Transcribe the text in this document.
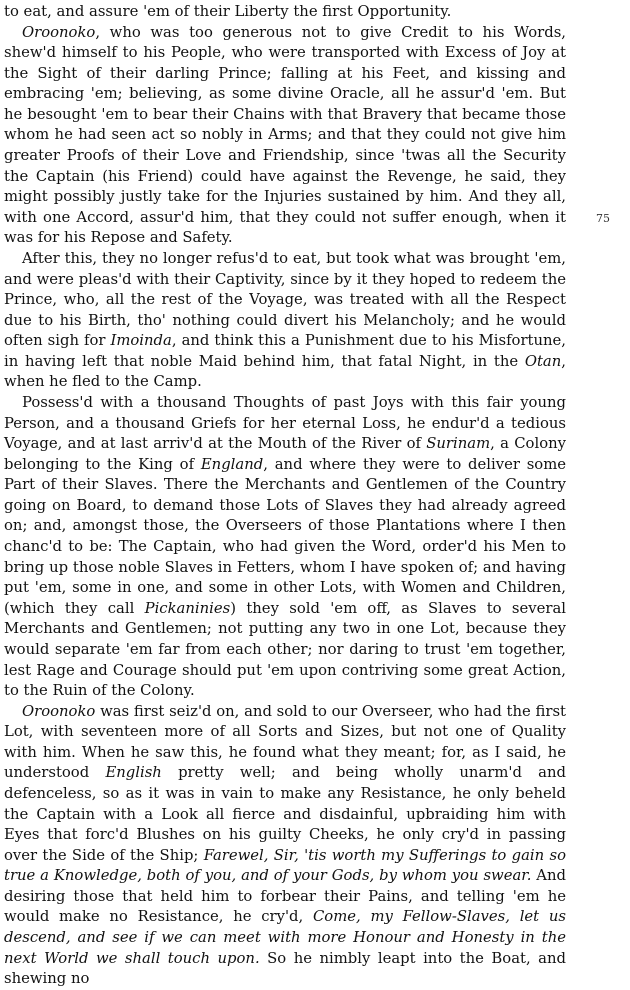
to eat, and assure 'em of their Liberty the first Opportunity.

Oroonoko, who was too generous not to give Credit to his Words, shew'd himself to his People, who were transported with Excess of Joy at the Sight of their darling Prince; falling at his Feet, and kissing and embracing 'em; believing, as some divine Oracle, all he assur'd 'em. But he besought 'em to bear their Chains with that Bravery that became those whom he had seen act so nobly in Arms; and that they could not give him greater Proofs of their Love and Friendship, since 'twas all the Security the Captain (his Friend) could have against the Revenge, he said, they might possibly justly take for the Injuries sustained by him. And they all, with one Accord, assur'd him, that they could not suffer enough, when it was for his Repose and Safety.

After this, they no longer refus'd to eat, but took what was brought 'em, and were pleas'd with their Captivity, since by it they hoped to redeem the Prince, who, all the rest of the Voyage, was treated with all the Respect due to his Birth, tho' nothing could divert his Melancholy; and he would often sigh for Imoinda, and think this a Punishment due to his Misfortune, in having left that noble Maid behind him, that fatal Night, in the Otan, when he fled to the Camp.

Possess'd with a thousand Thoughts of past Joys with this fair young Person, and a thousand Griefs for her eternal Loss, he endur'd a tedious Voyage, and at last arriv'd at the Mouth of the River of Surinam, a Colony belonging to the King of England, and where they were to deliver some Part of their Slaves. There the Merchants and Gentlemen of the Country going on Board, to demand those Lots of Slaves they had already agreed on; and, amongst those, the Overseers of those Plantations where I then chanc'd to be: The Captain, who had given the Word, order'd his Men to bring up those noble Slaves in Fetters, whom I have spoken of; and having put 'em, some in one, and some in other Lots, with Women and Children, (which they call Pickaninies) they sold 'em off, as Slaves to several Merchants and Gentlemen; not putting any two in one Lot, because they would separate 'em far from each other; nor daring to trust 'em together, lest Rage and Courage should put 'em upon contriving some great Action, to the Ruin of the Colony.

Oroonoko was first seiz'd on, and sold to our Overseer, who had the first Lot, with seventeen more of all Sorts and Sizes, but not one of Quality with him. When he saw this, he found what they meant; for, as I said, he understood English pretty well; and being wholly unarm'd and defenceless, so as it was in vain to make any Resistance, he only beheld the Captain with a Look all fierce and disdainful, upbraiding him with Eyes that forc'd Blushes on his guilty Cheeks, he only cry'd in passing over the Side of the Ship; Farewel, Sir, 'tis worth my Sufferings to gain so true a Knowledge, both of you, and of your Gods, by whom you swear. And desiring those that held him to forbear their Pains, and telling 'em he would make no Resistance, he cry'd, Come, my Fellow-Slaves, let us descend, and see if we can meet with more Honour and Honesty in the next World we shall touch upon. So he nimbly leapt into the Boat, and shewing no

75
